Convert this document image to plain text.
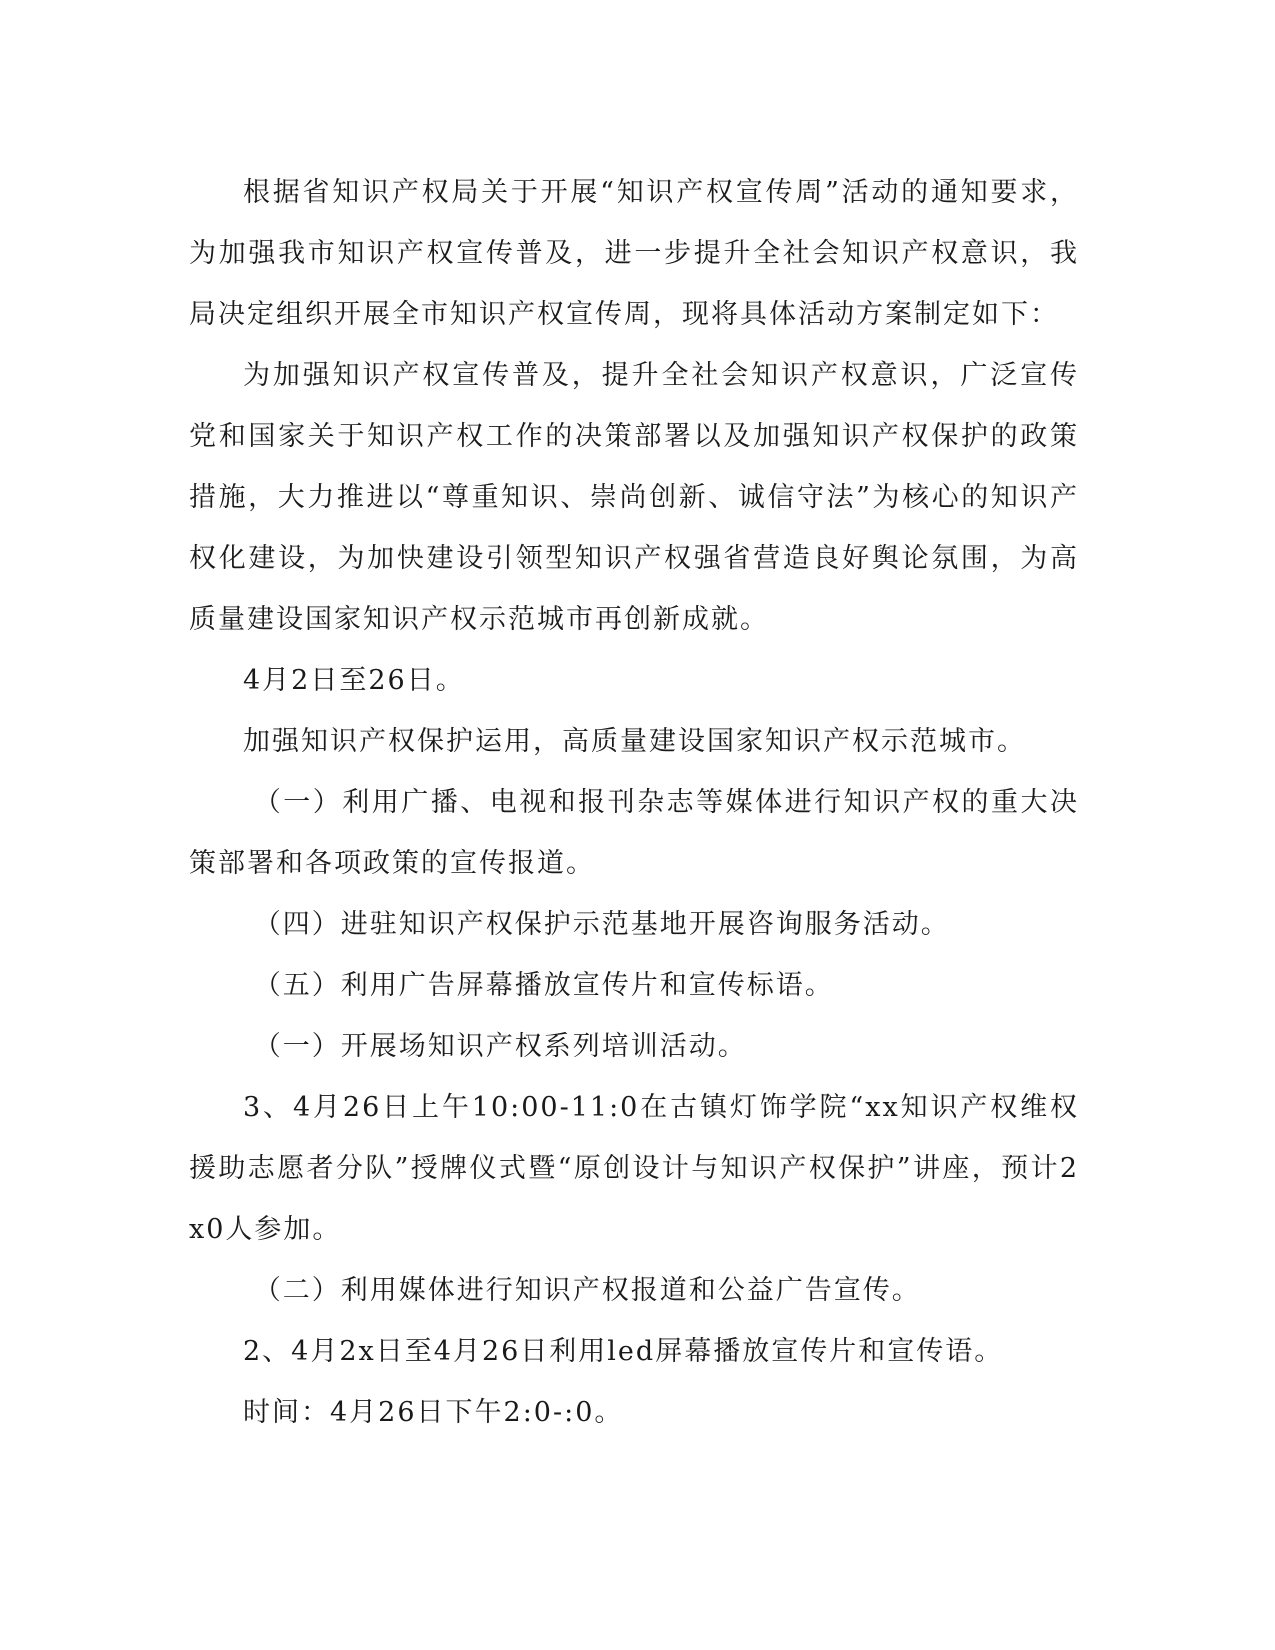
根据省知识产权局关于开展“知识产权宣传周”活动的通知要求，为加强我市知识产权宣传普及，进一步提升全社会知识产权意识，我局决定组织开展全市知识产权宣传周，现将具体活动方案制定如下：

为加强知识产权宣传普及，提升全社会知识产权意识，广泛宣传党和国家关于知识产权工作的决策部署以及加强知识产权保护的政策措施，大力推进以“尊重知识、崇尚创新、诚信守法”为核心的知识产权化建设，为加快建设引领型知识产权强省营造良好舆论氛围，为高质量建设国家知识产权示范城市再创新成就。

4月2日至26日。

加强知识产权保护运用，高质量建设国家知识产权示范城市。

（一）利用广播、电视和报刊杂志等媒体进行知识产权的重大决策部署和各项政策的宣传报道。

（四）进驻知识产权保护示范基地开展咨询服务活动。

（五）利用广告屏幕播放宣传片和宣传标语。

（一）开展场知识产权系列培训活动。

3、4月26日上午10:00-11:0在古镇灯饰学院“xx知识产权维权援助志愿者分队”授牌仪式暨“原创设计与知识产权保护”讲座，预计2x0人参加。

（二）利用媒体进行知识产权报道和公益广告宣传。

2、4月2x日至4月26日利用led屏幕播放宣传片和宣传语。

时间：4月26日下午2:0-:0。
